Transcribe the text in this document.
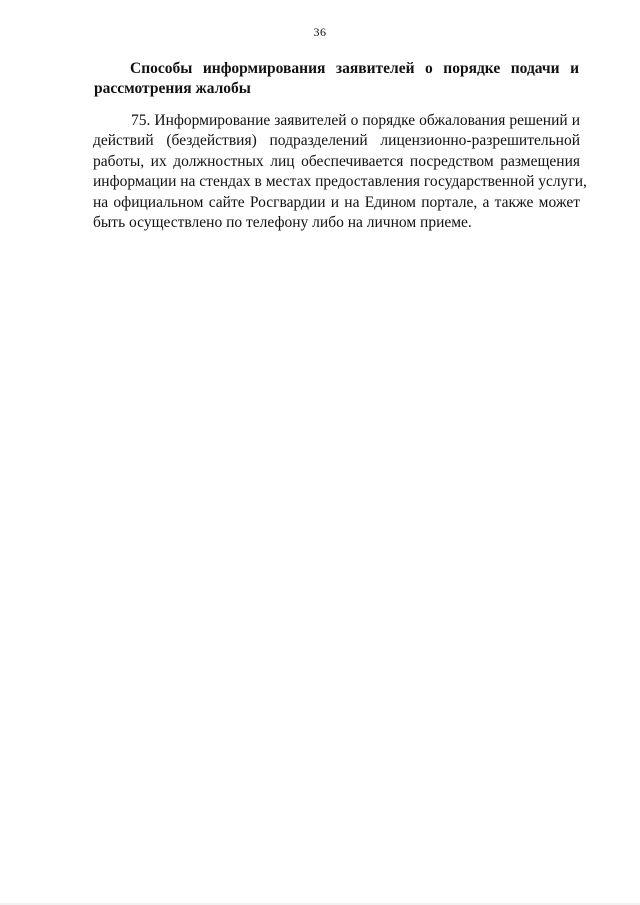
36
Способы информирования заявителей о порядке подачи и
рассмотрения жалобы
75. Информирование заявителей о порядке обжалования решений и
действий (бездействия) подразделений лицензионно-разрешительной
работы, их должностных лиц обеспечивается посредством размещения
информации на стендах в местах предоставления государственной услуги,
на официальном сайте Росгвардии и на Едином портале, а также может
быть осуществлено по телефону либо на личном приеме.
